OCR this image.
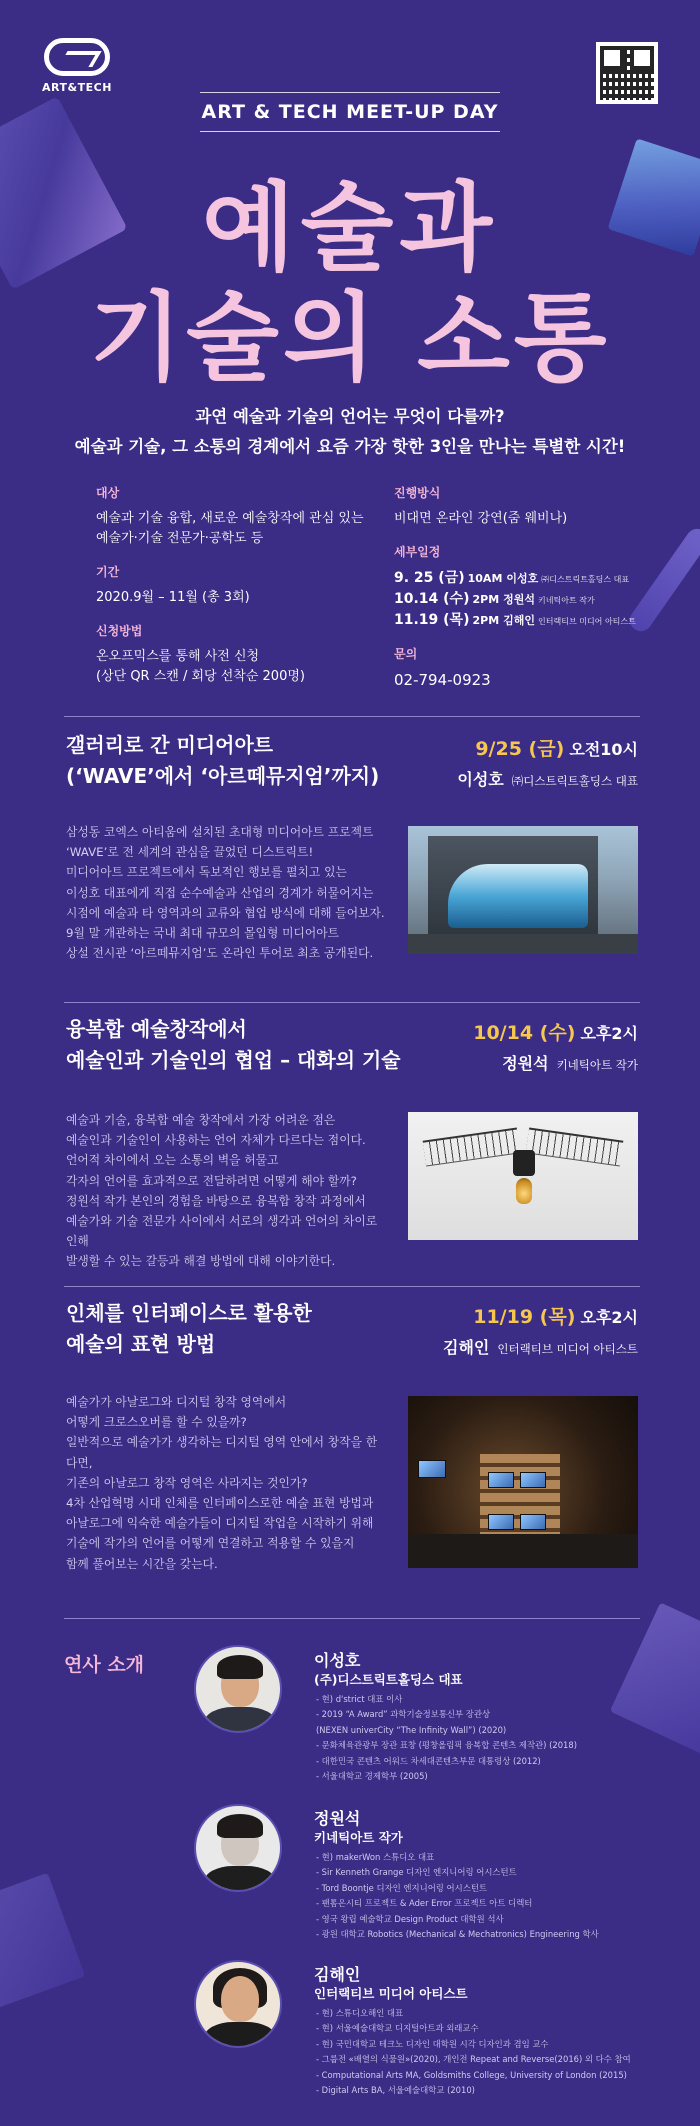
ART&TECH
ART & TECH MEET-UP DAY
예술과
기술의 소통
과연 예술과 기술의 언어는 무엇이 다를까?
예술과 기술, 그 소통의 경계에서 요즘 가장 핫한 3인을 만나는 특별한 시간!
대상
예술과 기술 융합, 새로운 예술창작에 관심 있는
예술가·기술 전문가·공학도 등
기간
2020.9월 – 11월 (총 3회)
신청방법
온오프믹스를 통해 사전 신청
(상단 QR 스캔 / 회당 선착순 200명)
진행방식
비대면 온라인 강연(줌 웨비나)
세부일정
9. 25 (금) 10AM 이성호 ㈜디스트릭트홀딩스 대표
10.14 (수) 2PM 정원석 키네틱아트 작가
11.19 (목) 2PM 김해인 인터랙티브 미디어 아티스트
문의
02-794-0923
갤러리로 간 미디어아트
(‘WAVE’에서 ‘아르떼뮤지엄’까지)
9/25 (금) 오전10시
이성호 ㈜디스트릭트홀딩스 대표
삼성동 코엑스 아티움에 설치된 초대형 미디어아트 프로젝트
‘WAVE’로 전 세계의 관심을 끌었던 디스트릭트!
미디어아트 프로젝트에서 독보적인 행보를 펼치고 있는
이성호 대표에게 직접 순수예술과 산업의 경계가 허물어지는
시점에 예술과 타 영역과의 교류와 협업 방식에 대해 들어보자.
9월 말 개관하는 국내 최대 규모의 몰입형 미디어아트
상설 전시관 ‘아르떼뮤지엄’도 온라인 투어로 최초 공개된다.
융복합 예술창작에서
예술인과 기술인의 협업 – 대화의 기술
10/14 (수) 오후2시
정원석 키네틱아트 작가
예술과 기술, 융복합 예술 창작에서 가장 어려운 점은
예술인과 기술인이 사용하는 언어 자체가 다르다는 점이다.
언어적 차이에서 오는 소통의 벽을 허물고
각자의 언어를 효과적으로 전달하려면 어떻게 해야 할까?
정원석 작가 본인의 경험을 바탕으로 융복합 창작 과정에서
예술가와 기술 전문가 사이에서 서로의 생각과 언어의 차이로 인해
발생할 수 있는 갈등과 해결 방법에 대해 이야기한다.
인체를 인터페이스로 활용한
예술의 표현 방법
11/19 (목) 오후2시
김해인 인터랙티브 미디어 아티스트
예술가가 아날로그와 디지털 창작 영역에서
어떻게 크로스오버를 할 수 있을까?
일반적으로 예술가가 생각하는 디지털 영역 안에서 창작을 한다면,
기존의 아날로그 창작 영역은 사라지는 것인가?
4차 산업혁명 시대 인체를 인터페이스로한 예술 표현 방법과
아날로그에 익숙한 예술가들이 디지털 작업을 시작하기 위해
기술에 작가의 언어를 어떻게 연결하고 적용할 수 있을지
함께 풀어보는 시간을 갖는다.
연사 소개	이성호
(주)디스트릭트홀딩스 대표
- 현) d'strict 대표 이사
- 2019 “A Award” 과학기술정보통신부 장관상
(NEXEN univerCity “The Infinity Wall”) (2020)
- 문화체육관광부 장관 표창 (평창올림픽 융복합 콘텐츠 제작관) (2018)
- 대한민국 콘텐츠 어워드 차세대콘텐츠부문 대통령상 (2012)
- 서울대학교 경제학부 (2005)
정원석
키네틱아트 작가
- 현) makerWon 스튜디오 대표
- Sir Kenneth Grange 디자인 엔지니어링 어시스턴트
- Tord Boontje 디자인 엔지니어링 어시스턴트
- 팬톰온시티 프로젝트 & Ader Error 프로젝트 아트 디렉터
- 영국 왕립 예술학교 Design Product 대학원 석사
- 광원 대학교 Robotics (Mechanical & Mechatronics) Engineering 학사
김해인
인터랙티브 미디어 아티스트
- 현) 스튜디오해인 대표
- 현) 서울예술대학교 디지털아트과 외래교수
- 현) 국민대학교 테크노 디자인 대학원 시각 디자인과 겸임 교수
- 그룹전 «배열의 식물원»(2020), 개인전 Repeat and Reverse(2016) 외 다수 참여
- Computational Arts MA, Goldsmiths College, University of London (2015)
- Digital Arts BA, 서울예술대학교 (2010)
